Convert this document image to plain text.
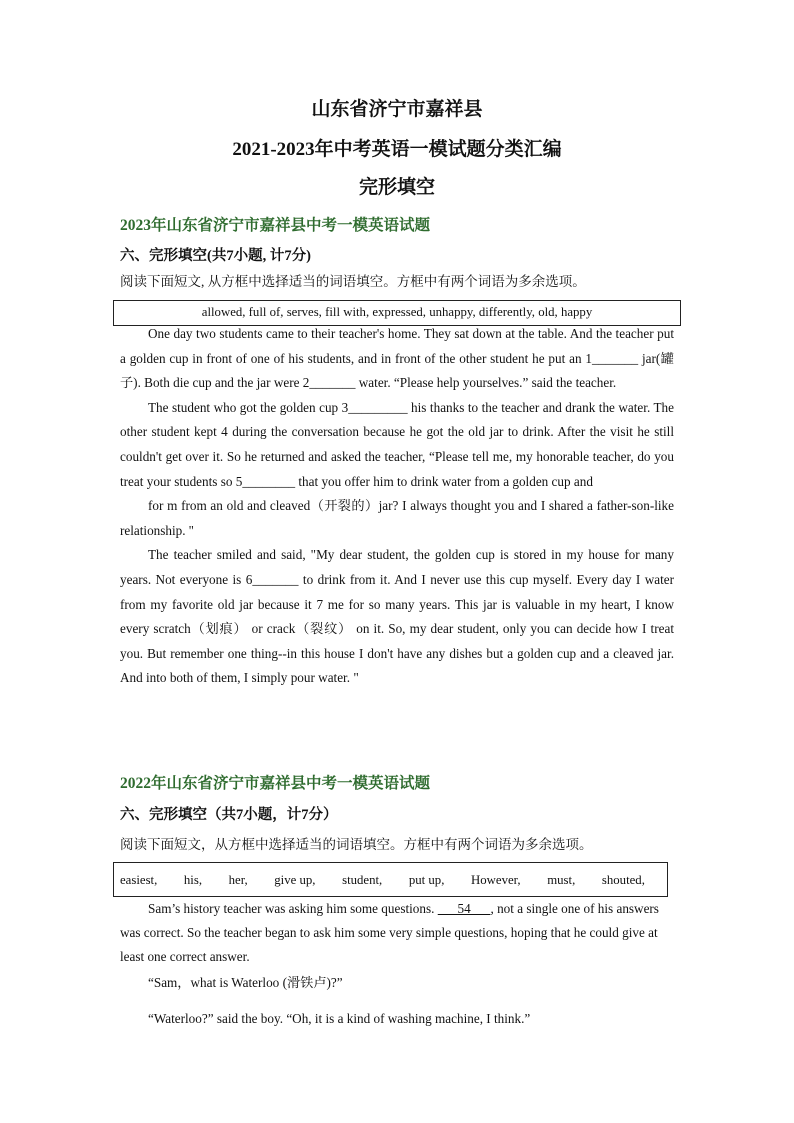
山东省济宁市嘉祥县
2021-2023年中考英语一模试题分类汇编
完形填空
2023年山东省济宁市嘉祥县中考一模英语试题
六、完形填空(共7小题, 计7分)
阅读下面短文, 从方框中选择适当的词语填空。方框中有两个词语为多余选项。
allowed, full of, serves, fill with, expressed, unhappy, differently, old, happy

One day two students came to their teacher's home. They sat down at the table. And the teacher put a golden cup in front of one of his students, and in front of the other student he put an 1_______ jar(罐子). Both die cup and the jar were 2_______ water. “Please help yourselves.” said the teacher.

The student who got the golden cup 3_________ his thanks to the teacher and drank the water. The other student kept 4 during the conversation because he got the old jar to drink. After the visit he still couldn't get over it. So he returned and asked the teacher, “Please tell me, my honorable teacher, do you treat your students so 5________ that you offer him to drink water from a golden cup and

for m from an old and cleaved（开裂的）jar? I always thought you and I shared a father-son-like relationship. ''

The teacher smiled and said, "My dear student, the golden cup is stored in my house for many years. Not everyone is 6_______ to drink from it. And I never use this cup myself. Every day I water from my favorite old jar because it 7 me for so many years. This jar is valuable in my heart, I know every scratch（划痕） or crack（裂纹） on it. So, my dear student, only you can decide how I treat you. But remember one thing--in this house I don't have any dishes but a golden cup and a cleaved jar. And into both of them, I simply pour water. "

2022年山东省济宁市嘉祥县中考一模英语试题
六、完形填空（共7小题，计7分）
阅读下面短文，从方框中选择适当的词语填空。方框中有两个词语为多余选项。
easiest, his, her, give up, student, put up, However, must, shouted,
Sam’s history teacher was asking him some questions.       54      , not a single one of his answers was correct. So the teacher began to ask him some very simple questions, hoping that he could give at least one correct answer.
“Sam，what is Waterloo (滑铁卢)?”
“Waterloo?” said the boy. “Oh, it is a kind of washing machine, I think.”
